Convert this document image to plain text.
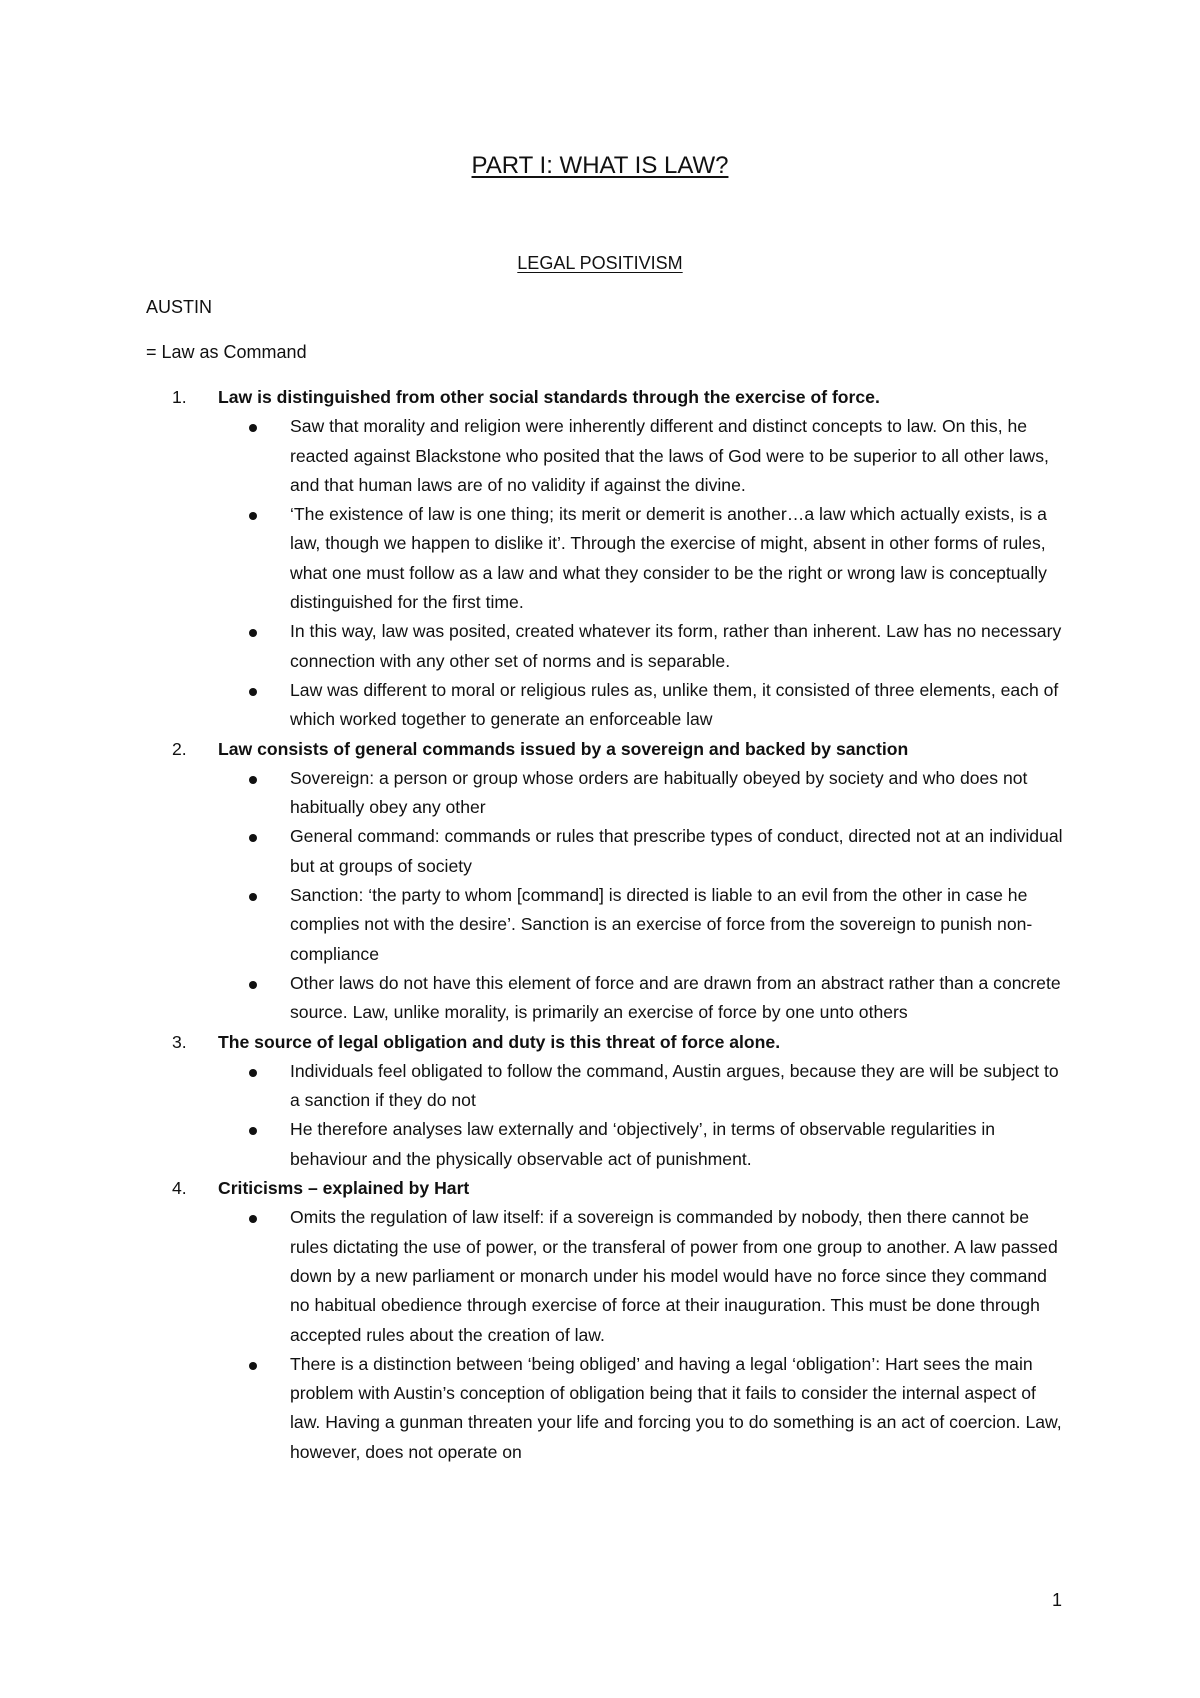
PART I: WHAT IS LAW?
LEGAL POSITIVISM
AUSTIN
= Law as Command
1. Law is distinguished from other social standards through the exercise of force.
Saw that morality and religion were inherently different and distinct concepts to law. On this, he reacted against Blackstone who posited that the laws of God were to be superior to all other laws, and that human laws are of no validity if against the divine.
‘The existence of law is one thing; its merit or demerit is another…a law which actually exists, is a law, though we happen to dislike it’. Through the exercise of might, absent in other forms of rules, what one must follow as a law and what they consider to be the right or wrong law is conceptually distinguished for the first time.
In this way, law was posited, created whatever its form, rather than inherent. Law has no necessary connection with any other set of norms and is separable.
Law was different to moral or religious rules as, unlike them, it consisted of three elements, each of which worked together to generate an enforceable law
2. Law consists of general commands issued by a sovereign and backed by sanction
Sovereign: a person or group whose orders are habitually obeyed by society and who does not habitually obey any other
General command: commands or rules that prescribe types of conduct, directed not at an individual but at groups of society
Sanction: ‘the party to whom [command] is directed is liable to an evil from the other in case he complies not with the desire’. Sanction is an exercise of force from the sovereign to punish non-compliance
Other laws do not have this element of force and are drawn from an abstract rather than a concrete source. Law, unlike morality, is primarily an exercise of force by one unto others
3. The source of legal obligation and duty is this threat of force alone.
Individuals feel obligated to follow the command, Austin argues, because they are will be subject to a sanction if they do not
He therefore analyses law externally and ‘objectively’, in terms of observable regularities in behaviour and the physically observable act of punishment.
4. Criticisms – explained by Hart
Omits the regulation of law itself: if a sovereign is commanded by nobody, then there cannot be rules dictating the use of power, or the transferal of power from one group to another. A law passed down by a new parliament or monarch under his model would have no force since they command no habitual obedience through exercise of force at their inauguration. This must be done through accepted rules about the creation of law.
There is a distinction between ‘being obliged’ and having a legal ‘obligation’: Hart sees the main problem with Austin’s conception of obligation being that it fails to consider the internal aspect of law. Having a gunman threaten your life and forcing you to do something is an act of coercion. Law, however, does not operate on
1
